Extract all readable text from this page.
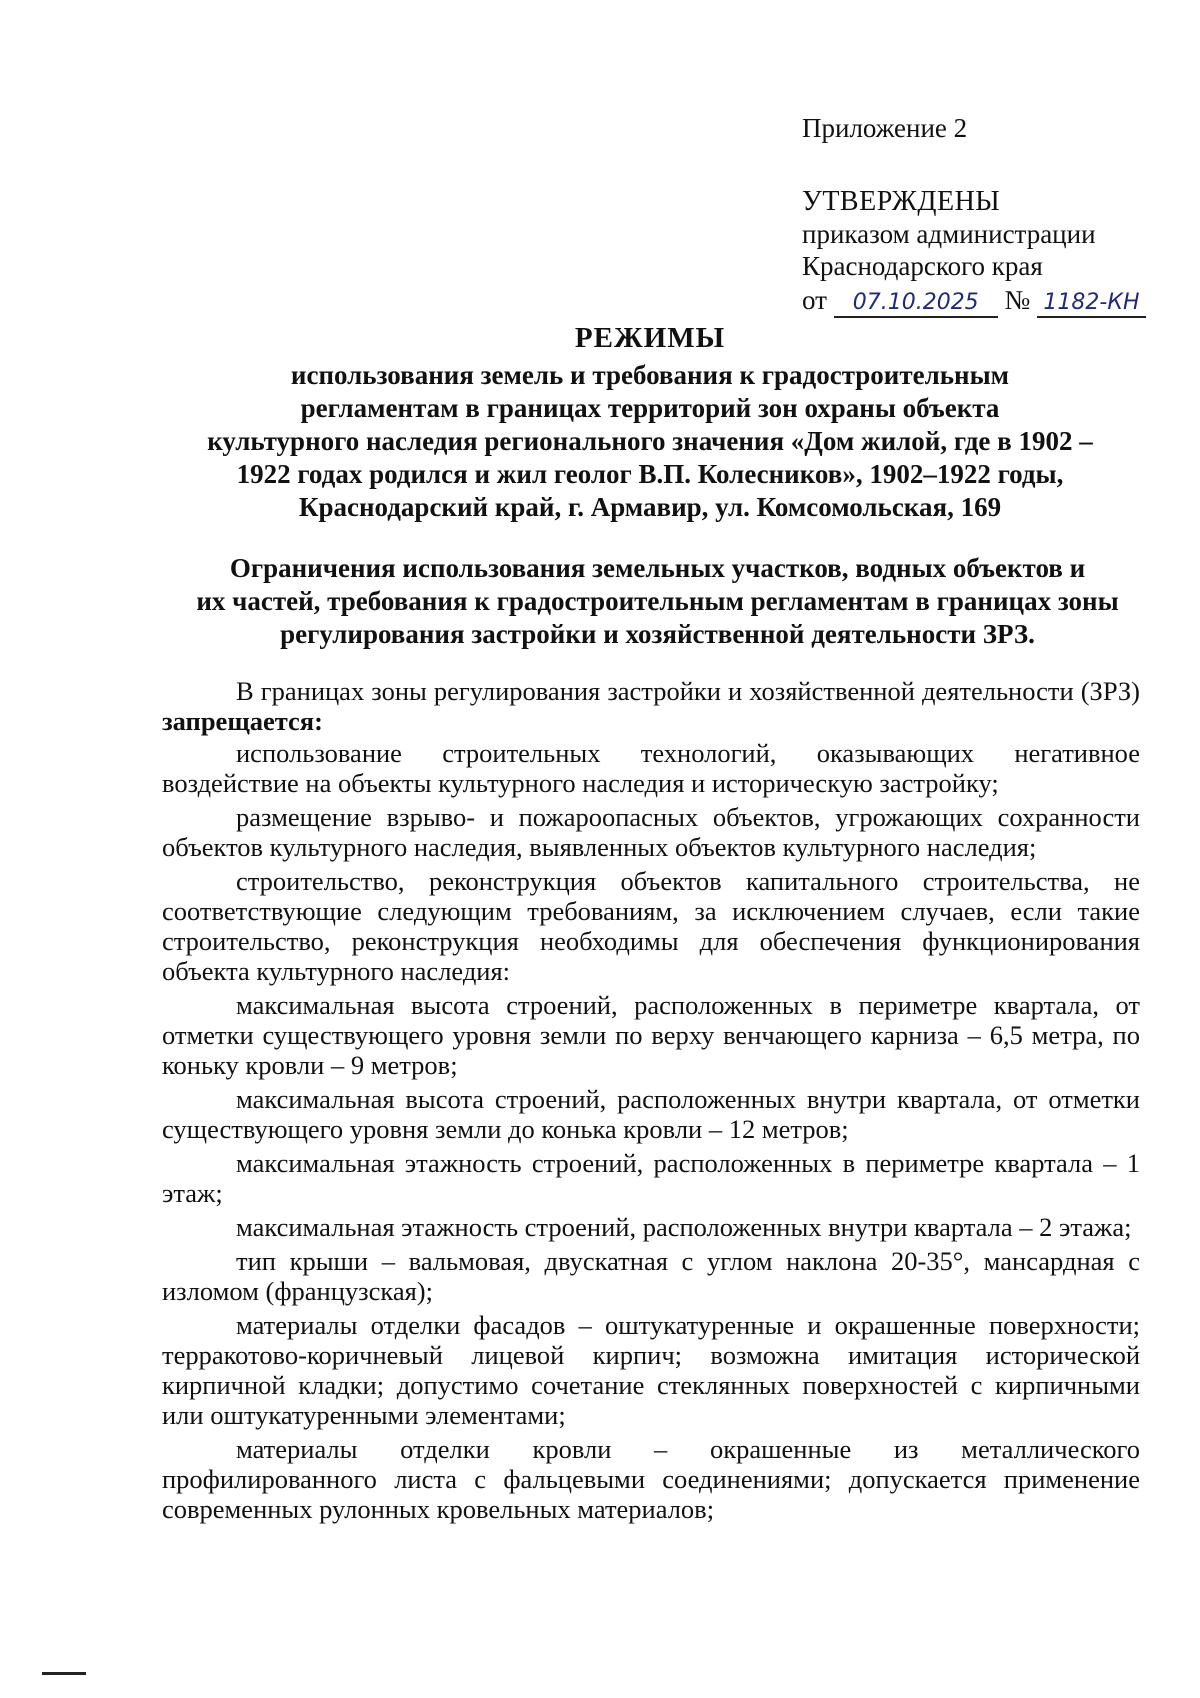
Приложение 2
УТВЕРЖДЕНЫ
приказом администрации
Краснодарского края
от 07.10.2025 № 1182-КН
РЕЖИМЫ
использования земель и требования к градостроительным
регламентам в границах территорий зон охраны объекта
культурного наследия регионального значения «Дом жилой, где в 1902 –
1922 годах родился и жил геолог В.П. Колесников», 1902–1922 годы,
Краснодарский край, г. Армавир, ул. Комсомольская, 169
Ограничения использования земельных участков, водных объектов и
их частей, требования к градостроительным регламентам в границах зоны
регулирования застройки и хозяйственной деятельности ЗРЗ.

В границах зоны регулирования застройки и хозяйственной деятельности (ЗРЗ) запрещается:

использование строительных технологий, оказывающих негативное воздействие на объекты культурного наследия и историческую застройку;

размещение взрыво- и пожароопасных объектов, угрожающих сохранности объектов культурного наследия, выявленных объектов культурного наследия;

строительство, реконструкция объектов капитального строительства, не соответствующие следующим требованиям, за исключением случаев, если такие строительство, реконструкция необходимы для обеспечения функционирования объекта культурного наследия:

максимальная высота строений, расположенных в периметре квартала, от отметки существующего уровня земли по верху венчающего карниза – 6,5 метра, по коньку кровли – 9 метров;

максимальная высота строений, расположенных внутри квартала, от отметки существующего уровня земли до конька кровли – 12 метров;

максимальная этажность строений, расположенных в периметре квартала – 1 этаж;

максимальная этажность строений, расположенных внутри квартала – 2 этажа;

тип крыши – вальмовая, двускатная с углом наклона 20-35°, мансардная с изломом (французская);

материалы отделки фасадов – оштукатуренные и окрашенные поверхности; терракотово-коричневый лицевой кирпич; возможна имитация исторической кирпичной кладки; допустимо сочетание стеклянных поверхностей с кирпичными или оштукатуренными элементами;

материалы отделки кровли – окрашенные из металлического профилированного листа с фальцевыми соединениями; допускается применение современных рулонных кровельных материалов;
